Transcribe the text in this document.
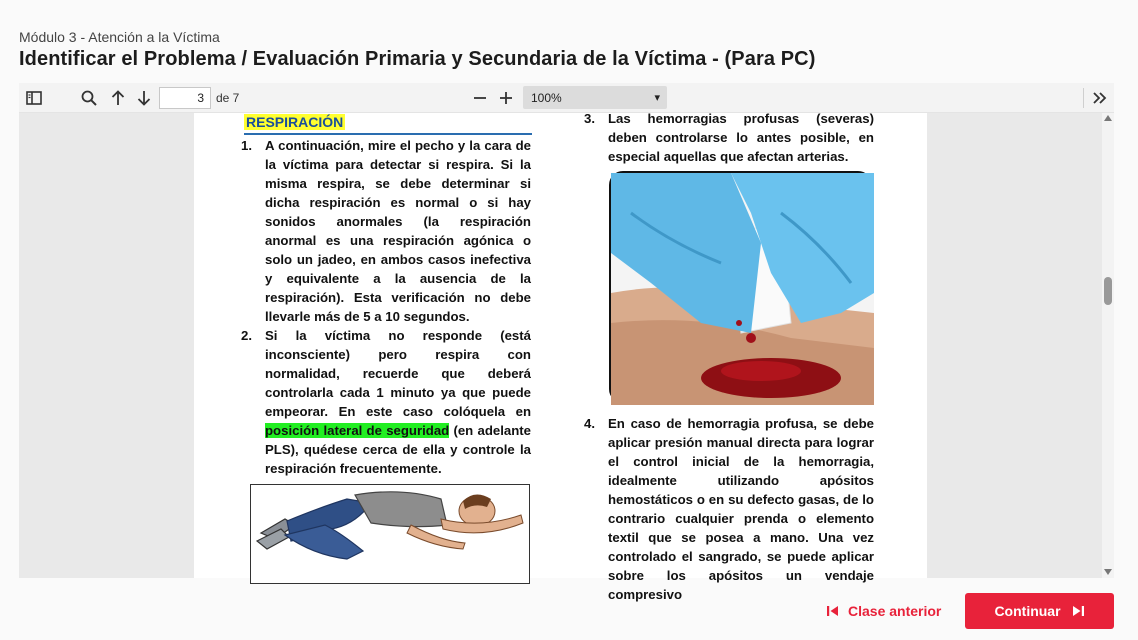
Módulo 3 - Atención a la Víctima
Identificar el Problema / Evaluación Primaria y Secundaria de la Víctima - (Para PC)
3
de 7	100%	▾
RESPIRACIÓN
1. A continuación, mire el pecho y la cara de la víctima para detectar si respira. Si la misma respira, se debe determinar si dicha respiración es normal o si hay sonidos anormales (la respiración anormal es una respiración agónica o solo un jadeo, en ambos casos inefectiva y equivalente a la ausencia de la respiración). Esta verificación no debe llevarle más de 5 a 10 segundos.
2. Si la víctima no responde (está inconsciente) pero respira con normalidad, recuerde que deberá controlarla cada 1 minuto ya que puede empeorar. En este caso colóquela en posición lateral de seguridad (en adelante PLS), quédese cerca de ella y controle la respiración frecuentemente.
3. Las hemorragias profusas (severas) deben controlarse lo antes posible, en especial aquellas que afectan arterias.
4. En caso de hemorragia profusa, se debe aplicar presión manual directa para lograr el control inicial de la hemorragia, idealmente utilizando apósitos hemostáticos o en su defecto gasas, de lo contrario cualquier prenda o elemento textil que se posea a mano. Una vez controlado el sangrado, se puede aplicar sobre los apósitos un vendaje compresivo
Clase anterior	Continuar
